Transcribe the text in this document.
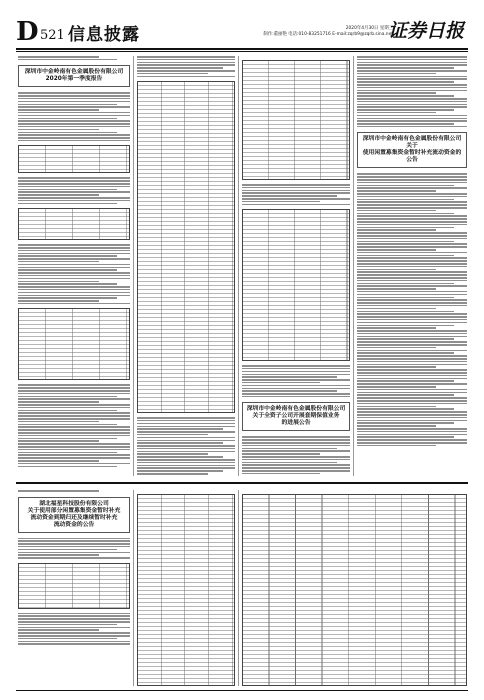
D 521 信息披露	2020年4月30日 星期三
制作:董丽艳 电话:010-83251716 E-mail:zqrb9@zqrb.sina.net
证券日报
深圳市中金岭南有色金属股份有限公司
2020年第一季度报告
深圳市中金岭南有色金属股份有限公司
关于全资子公司开展套期保值业务
的进展公告
深圳市中金岭南有色金属股份有限公司关于
使用闲置募集资金暂时补充流动资金的公告
湖北福星科技股份有限公司
关于使用部分闲置募集资金暂时补充
流动资金到期归还及继续暂时补充
流动资金的公告
